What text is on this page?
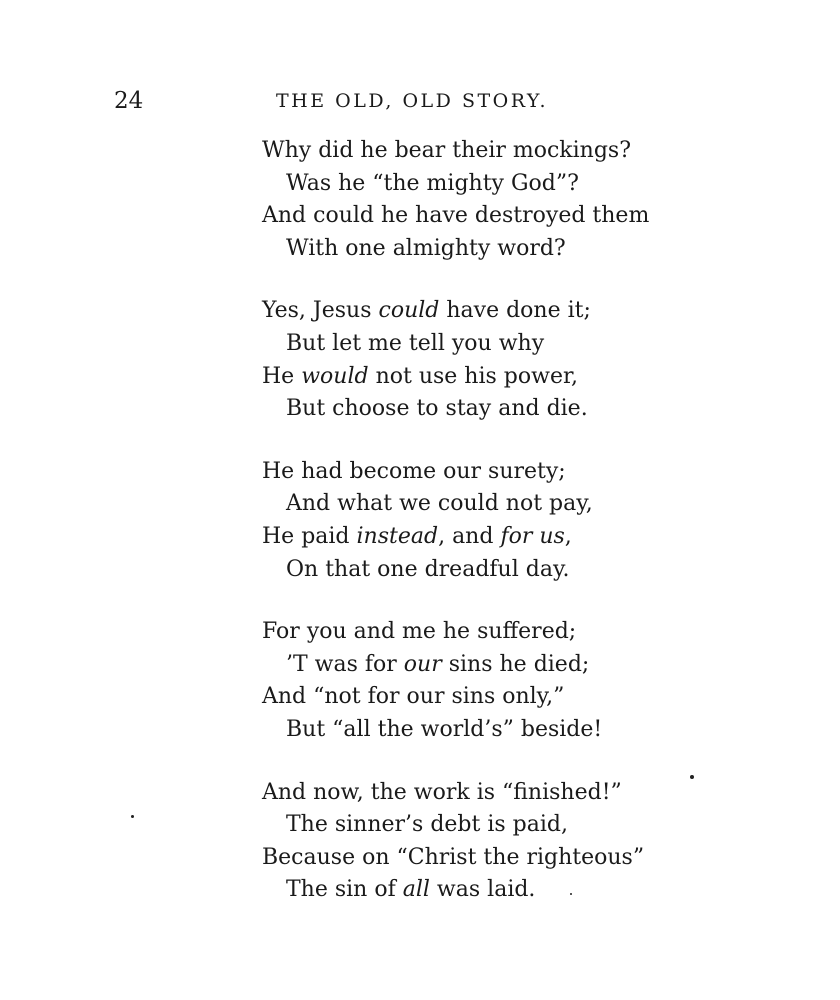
24	THE OLD, OLD STORY.
Why did he bear their mockings?
Was he “the mighty God”?
And could he have destroyed them
With one almighty word?
Yes, Jesus could have done it;
But let me tell you why
He would not use his power,
But choose to stay and die.
He had become our surety;
And what we could not pay,
He paid instead, and for us,
On that one dreadful day.
For you and me he suffered;
’T was for our sins he died;
And “not for our sins only,”
But “all the world’s” beside!
And now, the work is “finished!”
The sinner’s debt is paid,
Because on “Christ the righteous”
The sin of all was laid.
